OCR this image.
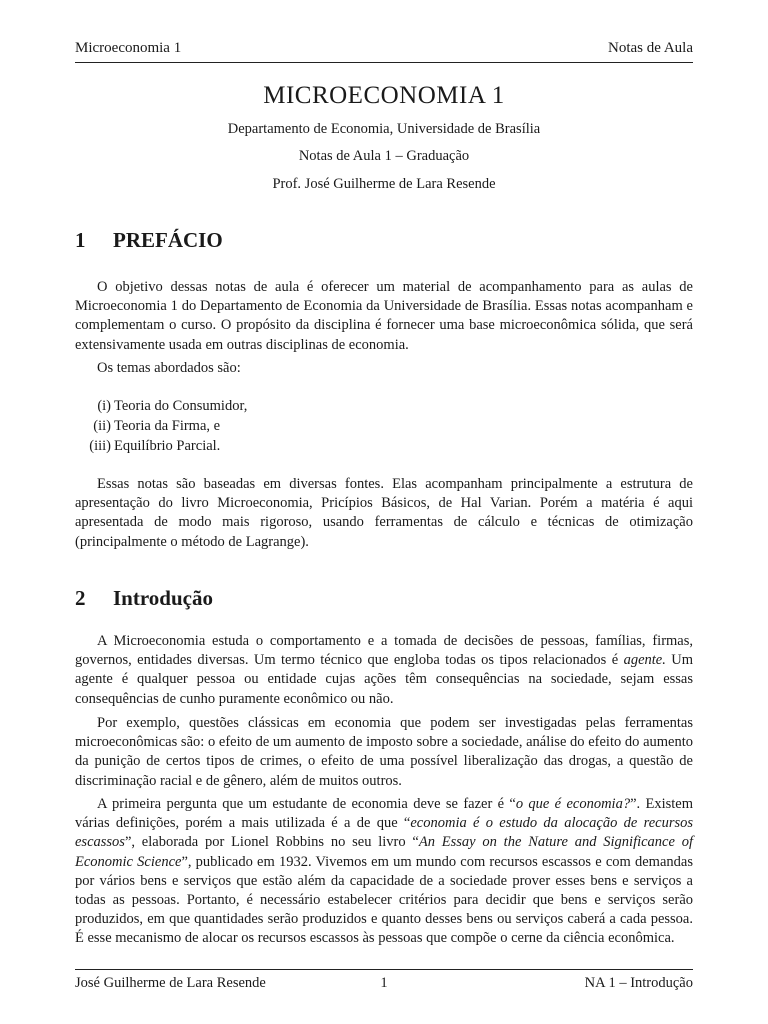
Microeconomia 1	Notas de Aula
MICROECONOMIA 1
Departamento de Economia, Universidade de Brasília
Notas de Aula 1 – Graduação
Prof. José Guilherme de Lara Resende
1 PREFÁCIO

O objetivo dessas notas de aula é oferecer um material de acompanhamento para as aulas de Microeconomia 1 do Departamento de Economia da Universidade de Brasília. Essas notas acompanham e complementam o curso. O propósito da disciplina é fornecer uma base microeconômica sólida, que será extensivamente usada em outras disciplinas de economia.

Os temas abordados são:

(i) Teoria do Consumidor,
(ii) Teoria da Firma, e
(iii) Equilíbrio Parcial.

Essas notas são baseadas em diversas fontes. Elas acompanham principalmente a estrutura de apresentação do livro Microeconomia, Pricípios Básicos, de Hal Varian. Porém a matéria é aqui apresentada de modo mais rigoroso, usando ferramentas de cálculo e técnicas de otimização (principalmente o método de Lagrange).

2 Introdução

A Microeconomia estuda o comportamento e a tomada de decisões de pessoas, famílias, firmas, governos, entidades diversas. Um termo técnico que engloba todas os tipos relacionados é agente. Um agente é qualquer pessoa ou entidade cujas ações têm consequências na sociedade, sejam essas consequências de cunho puramente econômico ou não.

Por exemplo, questões clássicas em economia que podem ser investigadas pelas ferramentas microeconômicas são: o efeito de um aumento de imposto sobre a sociedade, análise do efeito do aumento da punição de certos tipos de crimes, o efeito de uma possível liberalização das drogas, a questão de discriminação racial e de gênero, além de muitos outros.

A primeira pergunta que um estudante de economia deve se fazer é “o que é economia?”. Existem várias definições, porém a mais utilizada é a de que “economia é o estudo da alocação de recursos escassos”, elaborada por Lionel Robbins no seu livro “An Essay on the Nature and Significance of Economic Science”, publicado em 1932. Vivemos em um mundo com recursos escassos e com demandas por vários bens e serviços que estão além da capacidade de a sociedade prover esses bens e serviços a todas as pessoas. Portanto, é necessário estabelecer critérios para decidir que bens e serviços serão produzidos, em que quantidades serão produzidos e quanto desses bens ou serviços caberá a cada pessoa. É esse mecanismo de alocar os recursos escassos às pessoas que compõe o cerne da ciência econômica.

José Guilherme de Lara Resende	1	NA 1 – Introdução
